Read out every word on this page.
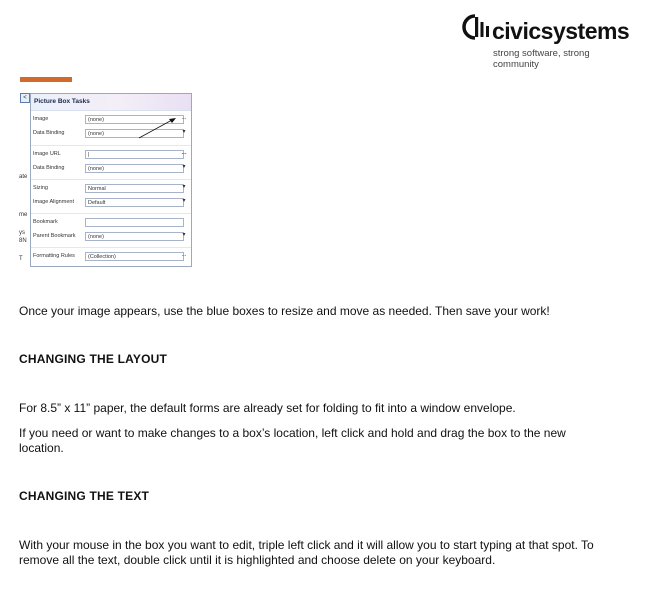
civicsystems
strong software, strong community
<
ate
me
ys
8N
T
Picture Box Tasks
Image	(none)	...
Data Binding	(none)	▾
Image URL	|	...
Data Binding	(none)	▾
Sizing	Normal	▾
Image Alignment	Default	▾
Bookmark
Parent Bookmark	(none)	▾
Formatting Rules	(Collection)	...
Once your image appears, use the blue boxes to resize and move as needed. Then save your work!
CHANGING THE LAYOUT
For 8.5” x 11” paper, the default forms are already set for folding to fit into a window envelope.
If you need or want to make changes to a box’s location, left click and hold and drag the box to the new
location.
CHANGING THE TEXT
With your mouse in the box you want to edit, triple left click and it will allow you to start typing at that spot. To
remove all the text, double click until it is highlighted and choose delete on your keyboard.
